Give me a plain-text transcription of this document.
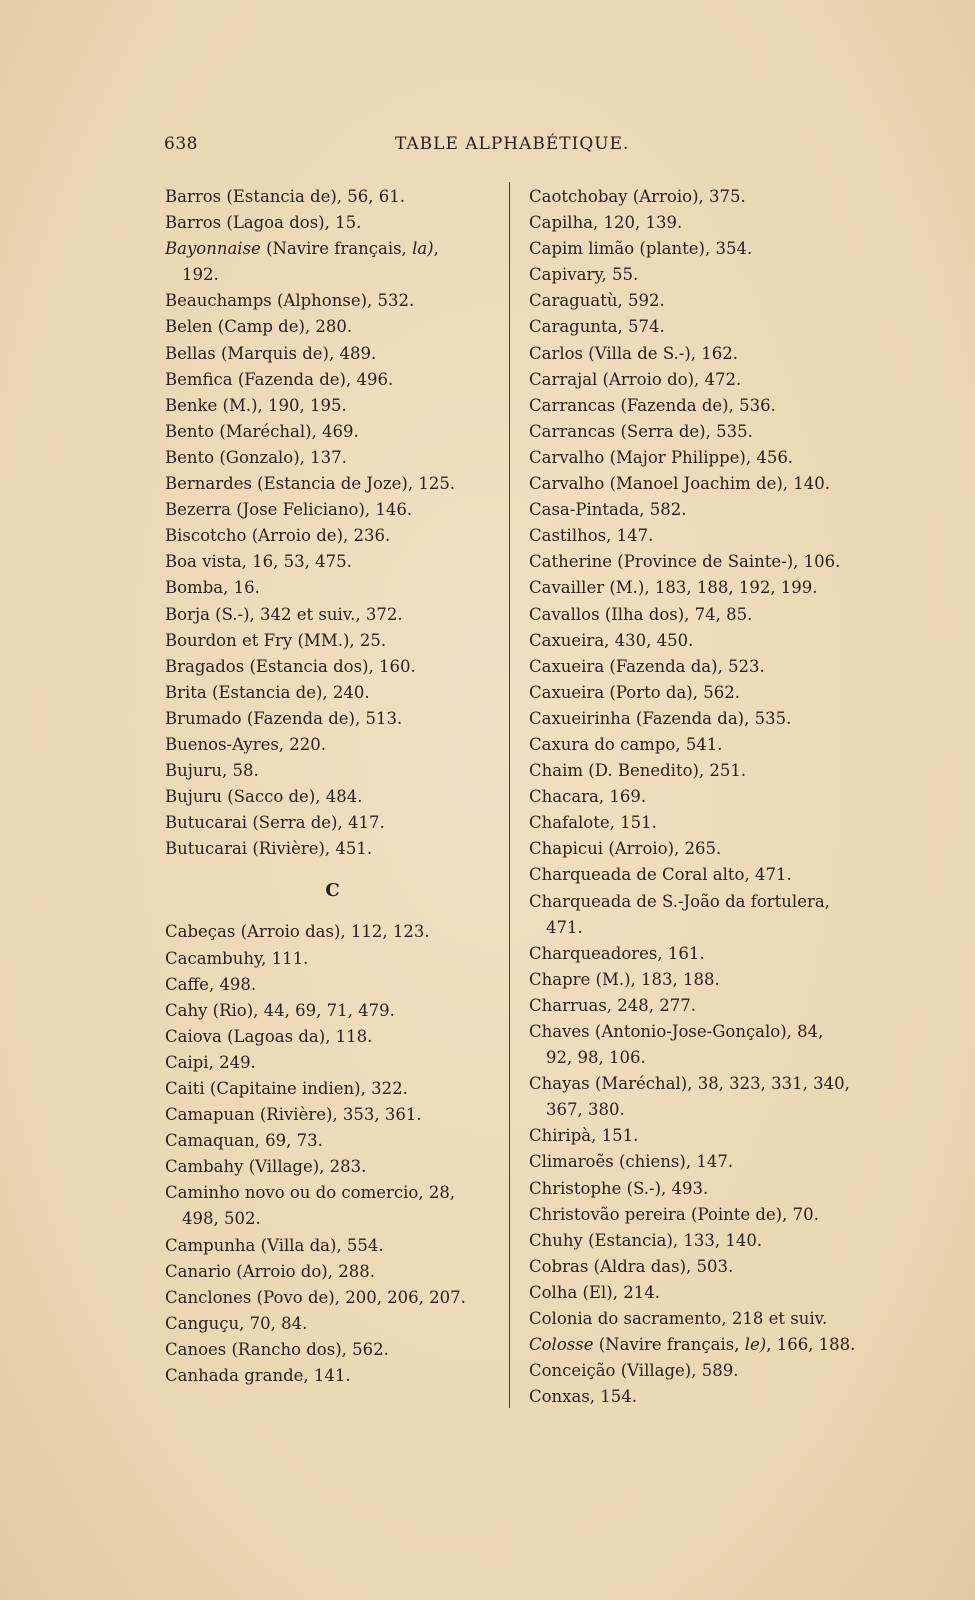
638	TABLE ALPHABÉTIQUE.
Barros (Estancia de), 56, 61.
Barros (Lagoa dos), 15.
Bayonnaise (Navire français, la),
192.
Beauchamps (Alphonse), 532.
Belen (Camp de), 280.
Bellas (Marquis de), 489.
Bemfica (Fazenda de), 496.
Benke (M.), 190, 195.
Bento (Maréchal), 469.
Bento (Gonzalo), 137.
Bernardes (Estancia de Joze), 125.
Bezerra (Jose Feliciano), 146.
Biscotcho (Arroio de), 236.
Boa vista, 16, 53, 475.
Bomba, 16.
Borja (S.-), 342 et suiv., 372.
Bourdon et Fry (MM.), 25.
Bragados (Estancia dos), 160.
Brita (Estancia de), 240.
Brumado (Fazenda de), 513.
Buenos-Ayres, 220.
Bujuru, 58.
Bujuru (Sacco de), 484.
Butucarai (Serra de), 417.
Butucarai (Rivière), 451.
C
Cabeças (Arroio das), 112, 123.
Cacambuhy, 111.
Caffe, 498.
Cahy (Rio), 44, 69, 71, 479.
Caiova (Lagoas da), 118.
Caipi, 249.
Caiti (Capitaine indien), 322.
Camapuan (Rivière), 353, 361.
Camaquan, 69, 73.
Cambahy (Village), 283.
Caminho novo ou do comercio, 28,
498, 502.
Campunha (Villa da), 554.
Canario (Arroio do), 288.
Canclones (Povo de), 200, 206, 207.
Canguçu, 70, 84.
Canoes (Rancho dos), 562.
Canhada grande, 141.
Caotchobay (Arroio), 375.
Capilha, 120, 139.
Capim limão (plante), 354.
Capivary, 55.
Caraguatù, 592.
Caragunta, 574.
Carlos (Villa de S.-), 162.
Carrajal (Arroio do), 472.
Carrancas (Fazenda de), 536.
Carrancas (Serra de), 535.
Carvalho (Major Philippe), 456.
Carvalho (Manoel Joachim de), 140.
Casa-Pintada, 582.
Castilhos, 147.
Catherine (Province de Sainte-), 106.
Cavailler (M.), 183, 188, 192, 199.
Cavallos (Ilha dos), 74, 85.
Caxueira, 430, 450.
Caxueira (Fazenda da), 523.
Caxueira (Porto da), 562.
Caxueirinha (Fazenda da), 535.
Caxura do campo, 541.
Chaim (D. Benedito), 251.
Chacara, 169.
Chafalote, 151.
Chapicui (Arroio), 265.
Charqueada de Coral alto, 471.
Charqueada de S.-João da fortulera,
471.
Charqueadores, 161.
Chapre (M.), 183, 188.
Charruas, 248, 277.
Chaves (Antonio-Jose-Gonçalo), 84,
92, 98, 106.
Chayas (Maréchal), 38, 323, 331, 340,
367, 380.
Chiripà, 151.
Climaroẽs (chiens), 147.
Christophe (S.-), 493.
Christovão pereira (Pointe de), 70.
Chuhy (Estancia), 133, 140.
Cobras (Aldra das), 503.
Colha (El), 214.
Colonia do sacramento, 218 et suiv.
Colosse (Navire français, le), 166, 188.
Conceição (Village), 589.
Conxas, 154.
